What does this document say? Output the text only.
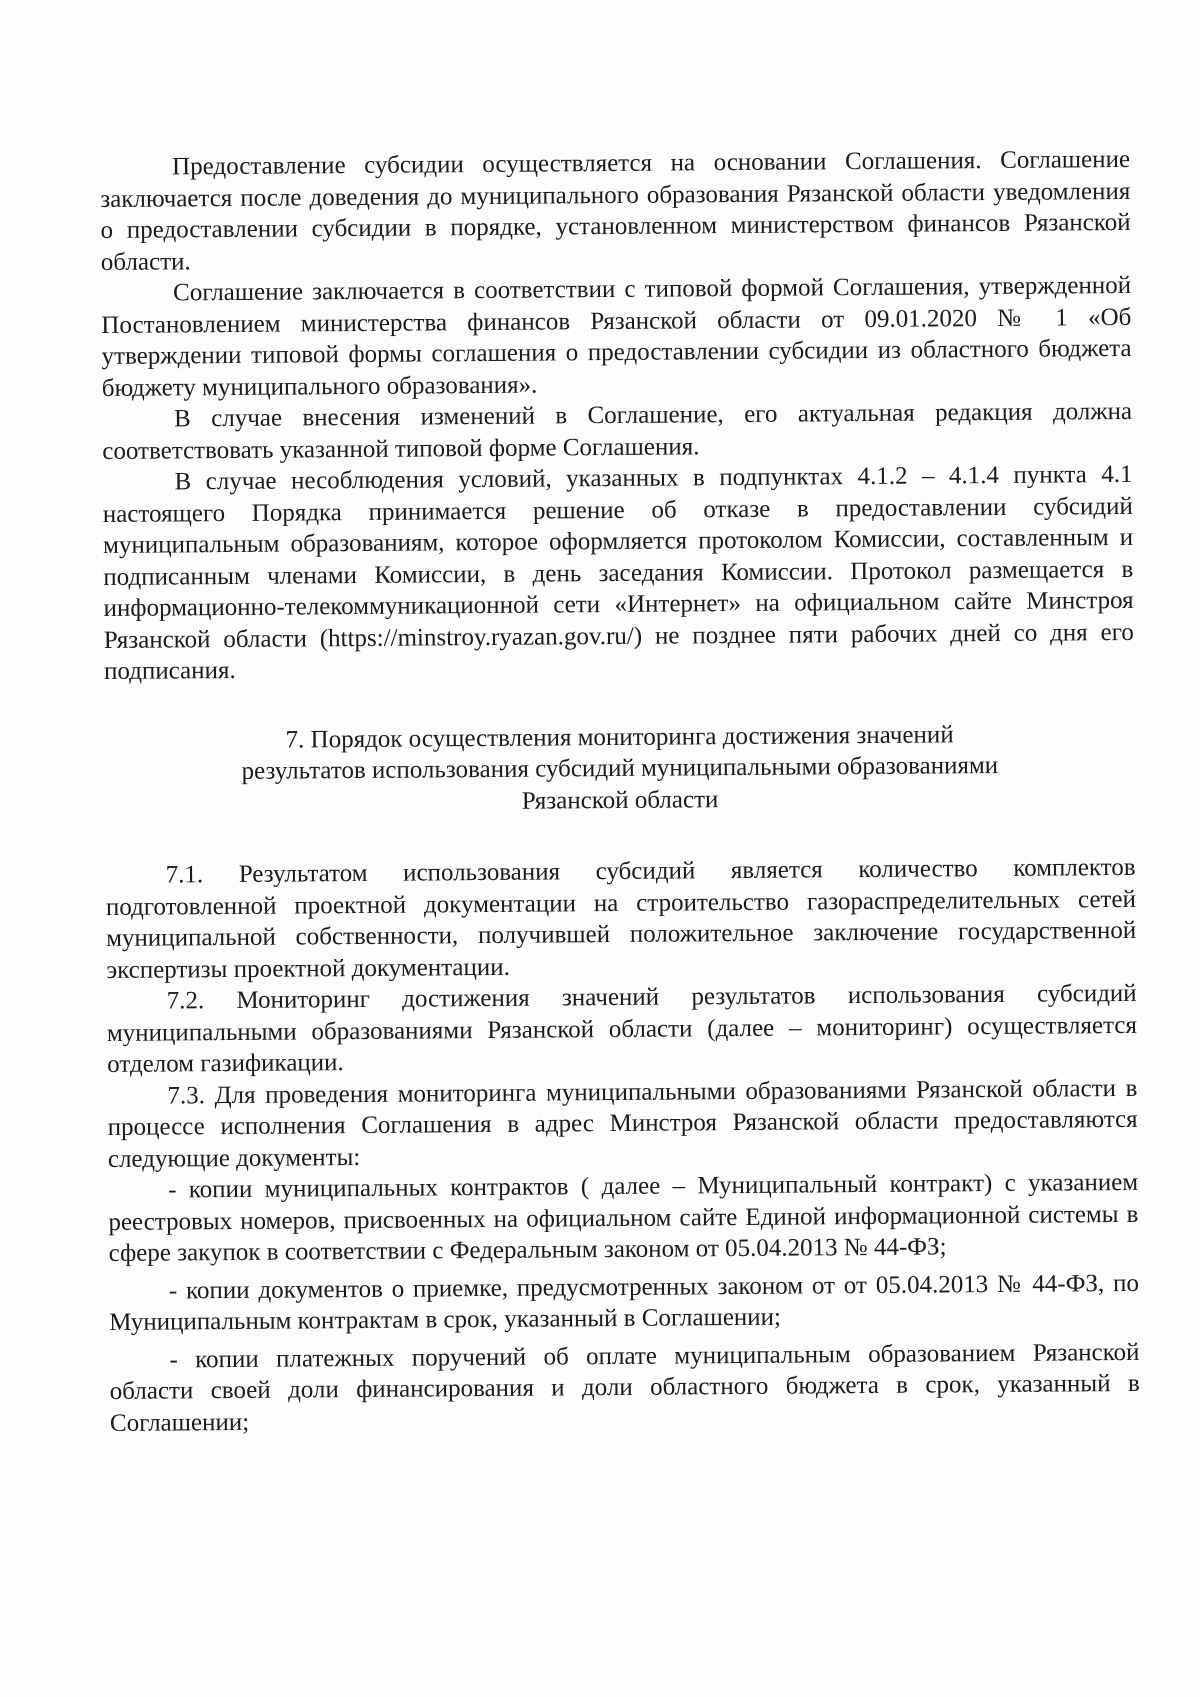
Предоставление субсидии осуществляется на основании Соглашения. Соглашение заключается после доведения до муниципального образования Рязанской области уведомления о предоставлении субсидии в порядке, установленном министерством финансов Рязанской области.

Соглашение заключается в соответствии с типовой формой Соглашения, утвержденной Постановлением министерства финансов Рязанской области от 09.01.2020 № 1 «Об утверждении типовой формы соглашения о предоставлении субсидии из областного бюджета бюджету муниципального образования».

В случае внесения изменений в Соглашение, его актуальная редакция должна соответствовать указанной типовой форме Соглашения.

В случае несоблюдения условий, указанных в подпунктах 4.1.2 – 4.1.4 пункта 4.1 настоящего Порядка принимается решение об отказе в предоставлении субсидий муниципальным образованиям, которое оформляется протоколом Комиссии, составленным и подписанным членами Комиссии, в день заседания Комиссии. Протокол размещается в информационно-телекоммуникационной сети «Интернет» на официальном сайте Минстроя Рязанской области (https://minstroy.ryazan.gov.ru/) не позднее пяти рабочих дней со дня его подписания.

7. Порядок осуществления мониторинга достижения значений
результатов использования субсидий муниципальными образованиями
Рязанской области

7.1. Результатом использования субсидий является количество комплектов подготовленной проектной документации на строительство газораспределительных сетей муниципальной собственности, получившей положительное заключение государственной экспертизы проектной документации.

7.2. Мониторинг достижения значений результатов использования субсидий муниципальными образованиями Рязанской области (далее – мониторинг) осуществляется отделом газификации.

7.3. Для проведения мониторинга муниципальными образованиями Рязанской области в процессе исполнения Соглашения в адрес Минстроя Рязанской области предоставляются следующие документы:

- копии муниципальных контрактов ( далее – Муниципальный контракт) с указанием реестровых номеров, присвоенных на официальном сайте Единой информационной системы в сфере закупок в соответствии с Федеральным законом от 05.04.2013 № 44-ФЗ;

- копии документов о приемке, предусмотренных законом от от 05.04.2013 № 44-ФЗ, по Муниципальным контрактам в срок, указанный в Соглашении;

- копии платежных поручений об оплате муниципальным образованием Рязанской области своей доли финансирования и доли областного бюджета в срок, указанный в Соглашении;
